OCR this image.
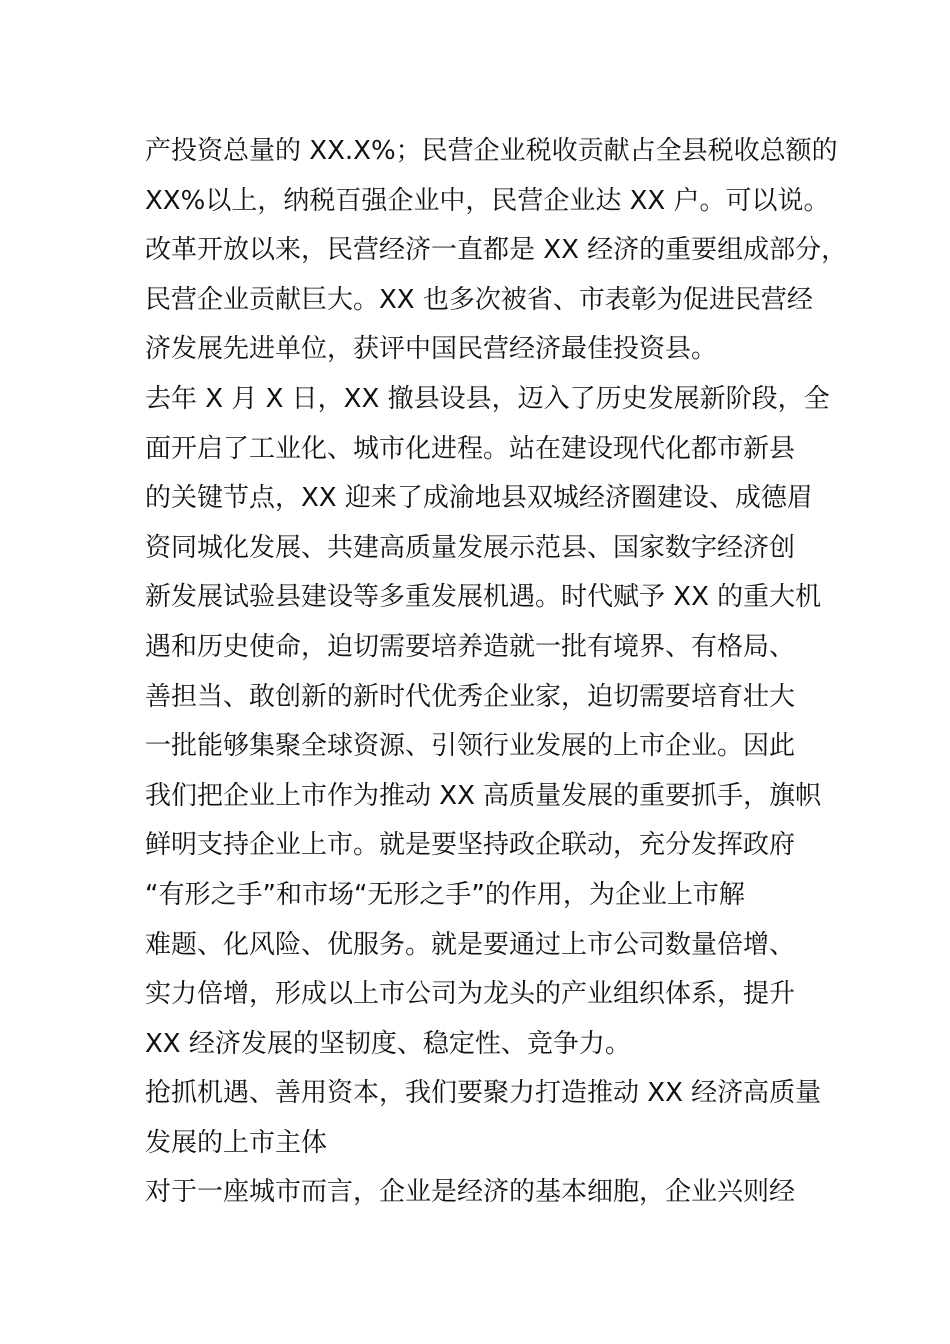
产投资总量的 XX.X%；民营企业税收贡献占全县税收总额的
XX%以上，纳税百强企业中，民营企业达 XX 户。可以说。
改革开放以来，民营经济一直都是 XX 经济的重要组成部分，
民营企业贡献巨大。XX 也多次被省、市表彰为促进民营经
济发展先进单位，获评中国民营经济最佳投资县。
去年 X 月 X 日，XX 撤县设县，迈入了历史发展新阶段，全
面开启了工业化、城市化进程。站在建设现代化都市新县
的关键节点，XX 迎来了成渝地县双城经济圈建设、成德眉
资同城化发展、共建高质量发展示范县、国家数字经济创
新发展试验县建设等多重发展机遇。时代赋予 XX 的重大机
遇和历史使命，迫切需要培养造就一批有境界、有格局、
善担当、敢创新的新时代优秀企业家，迫切需要培育壮大
一批能够集聚全球资源、引领行业发展的上市企业。因此
我们把企业上市作为推动 XX 高质量发展的重要抓手，旗帜
鲜明支持企业上市。就是要坚持政企联动，充分发挥政府
“有形之手”和市场“无形之手”的作用，为企业上市解
难题、化风险、优服务。就是要通过上市公司数量倍增、
实力倍增，形成以上市公司为龙头的产业组织体系，提升
XX 经济发展的坚韧度、稳定性、竞争力。
抢抓机遇、善用资本，我们要聚力打造推动 XX 经济高质量
发展的上市主体
对于一座城市而言，企业是经济的基本细胞，企业兴则经
